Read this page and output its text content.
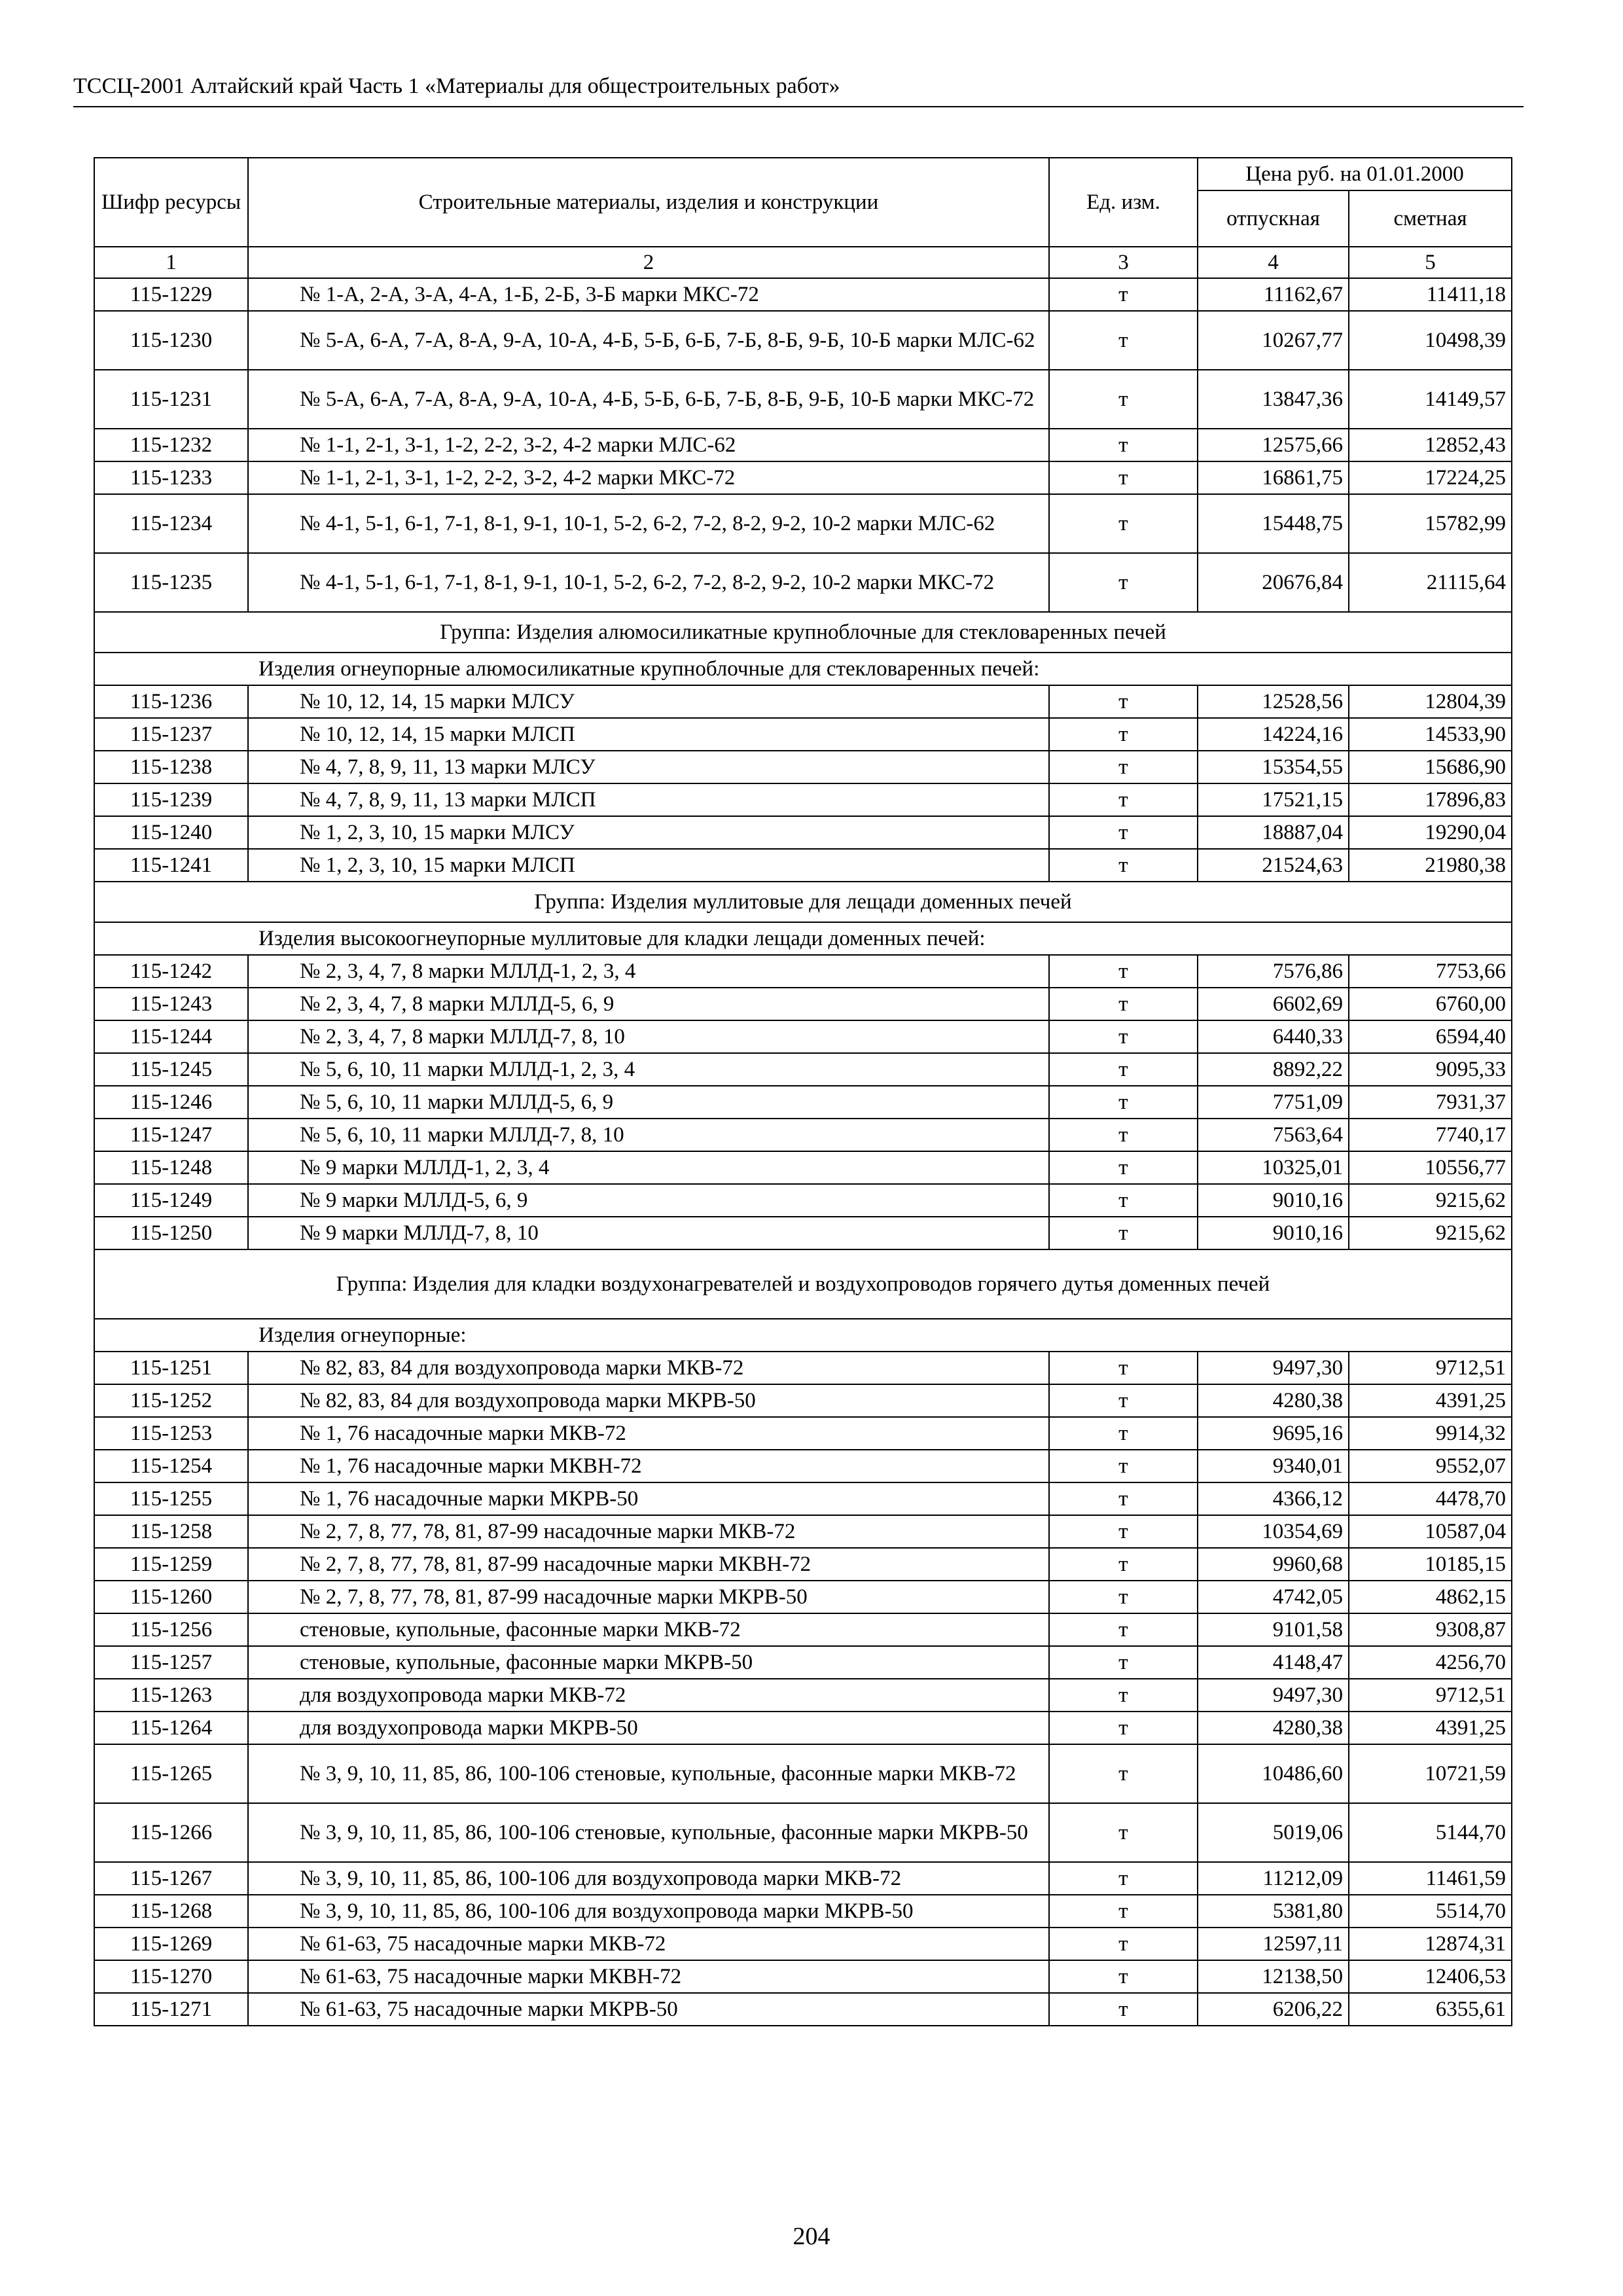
ТССЦ-2001 Алтайский край Часть 1 «Материалы для общестроительных работ»
Шифр ресурсы	Строительные материалы, изделия и конструкции	Ед. изм.	Цена руб. на 01.01.2000	
			отпускная	сметная
1	2	3	4	5
115-1229	№ 1-А, 2-А, 3-А, 4-А, 1-Б, 2-Б, 3-Б марки МКС-72	т	11162,67	11411,18
115-1230	№ 5-А, 6-А, 7-А, 8-А, 9-А, 10-А, 4-Б, 5-Б, 6-Б, 7-Б, 8-Б, 9-Б, 10-Б марки МЛС-62	т	10267,77	10498,39
115-1231	№ 5-А, 6-А, 7-А, 8-А, 9-А, 10-А, 4-Б, 5-Б, 6-Б, 7-Б, 8-Б, 9-Б, 10-Б марки МКС-72	т	13847,36	14149,57
115-1232	№ 1-1, 2-1, 3-1, 1-2, 2-2, 3-2, 4-2 марки МЛС-62	т	12575,66	12852,43
115-1233	№ 1-1, 2-1, 3-1, 1-2, 2-2, 3-2, 4-2 марки МКС-72	т	16861,75	17224,25
115-1234	№ 4-1, 5-1, 6-1, 7-1, 8-1, 9-1, 10-1, 5-2, 6-2, 7-2, 8-2, 9-2, 10-2 марки МЛС-62	т	15448,75	15782,99
115-1235	№ 4-1, 5-1, 6-1, 7-1, 8-1, 9-1, 10-1, 5-2, 6-2, 7-2, 8-2, 9-2, 10-2 марки МКС-72	т	20676,84	21115,64
Группа: Изделия алюмосиликатные крупноблочные для стекловаренных печей				
Изделия огнеупорные алюмосиликатные крупноблочные для стекловаренных печей:				
115-1236	№ 10, 12, 14, 15 марки МЛСУ	т	12528,56	12804,39
115-1237	№ 10, 12, 14, 15 марки МЛСП	т	14224,16	14533,90
115-1238	№ 4, 7, 8, 9, 11, 13 марки МЛСУ	т	15354,55	15686,90
115-1239	№ 4, 7, 8, 9, 11, 13 марки МЛСП	т	17521,15	17896,83
115-1240	№ 1, 2, 3, 10, 15 марки МЛСУ	т	18887,04	19290,04
115-1241	№ 1, 2, 3, 10, 15 марки МЛСП	т	21524,63	21980,38
Группа: Изделия муллитовые для лещади доменных печей				
Изделия высокоогнеупорные муллитовые для кладки лещади доменных печей:				
115-1242	№ 2, 3, 4, 7, 8 марки МЛЛД-1, 2, 3, 4	т	7576,86	7753,66
115-1243	№ 2, 3, 4, 7, 8 марки МЛЛД-5, 6, 9	т	6602,69	6760,00
115-1244	№ 2, 3, 4, 7, 8 марки МЛЛД-7, 8, 10	т	6440,33	6594,40
115-1245	№ 5, 6, 10, 11 марки МЛЛД-1, 2, 3, 4	т	8892,22	9095,33
115-1246	№ 5, 6, 10, 11 марки МЛЛД-5, 6, 9	т	7751,09	7931,37
115-1247	№ 5, 6, 10, 11 марки МЛЛД-7, 8, 10	т	7563,64	7740,17
115-1248	№ 9 марки МЛЛД-1, 2, 3, 4	т	10325,01	10556,77
115-1249	№ 9 марки МЛЛД-5, 6, 9	т	9010,16	9215,62
115-1250	№ 9 марки МЛЛД-7, 8, 10	т	9010,16	9215,62
Группа: Изделия для кладки воздухонагревателей и воздухопроводов горячего дутья доменных печей				
Изделия огнеупорные:				
115-1251	№ 82, 83, 84 для воздухопровода марки МКВ-72	т	9497,30	9712,51
115-1252	№ 82, 83, 84 для воздухопровода марки МКРВ-50	т	4280,38	4391,25
115-1253	№ 1, 76 насадочные марки МКВ-72	т	9695,16	9914,32
115-1254	№ 1, 76 насадочные марки МКВН-72	т	9340,01	9552,07
115-1255	№ 1, 76 насадочные марки МКРВ-50	т	4366,12	4478,70
115-1258	№ 2, 7, 8, 77, 78, 81, 87-99 насадочные марки МКВ-72	т	10354,69	10587,04
115-1259	№ 2, 7, 8, 77, 78, 81, 87-99 насадочные марки МКВН-72	т	9960,68	10185,15
115-1260	№ 2, 7, 8, 77, 78, 81, 87-99 насадочные марки МКРВ-50	т	4742,05	4862,15
115-1256	стеновые, купольные, фасонные марки МКВ-72	т	9101,58	9308,87
115-1257	стеновые, купольные, фасонные марки МКРВ-50	т	4148,47	4256,70
115-1263	для воздухопровода марки МКВ-72	т	9497,30	9712,51
115-1264	для воздухопровода марки МКРВ-50	т	4280,38	4391,25
115-1265	№ 3, 9, 10, 11, 85, 86, 100-106 стеновые, купольные, фасонные марки МКВ-72	т	10486,60	10721,59
115-1266	№ 3, 9, 10, 11, 85, 86, 100-106 стеновые, купольные, фасонные марки МКРВ-50	т	5019,06	5144,70
115-1267	№ 3, 9, 10, 11, 85, 86, 100-106 для воздухопровода марки МКВ-72	т	11212,09	11461,59
115-1268	№ 3, 9, 10, 11, 85, 86, 100-106 для воздухопровода марки МКРВ-50	т	5381,80	5514,70
115-1269	№ 61-63, 75 насадочные марки МКВ-72	т	12597,11	12874,31
115-1270	№ 61-63, 75 насадочные марки МКВН-72	т	12138,50	12406,53
115-1271	№ 61-63, 75 насадочные марки МКРВ-50	т	6206,22	6355,61
204
